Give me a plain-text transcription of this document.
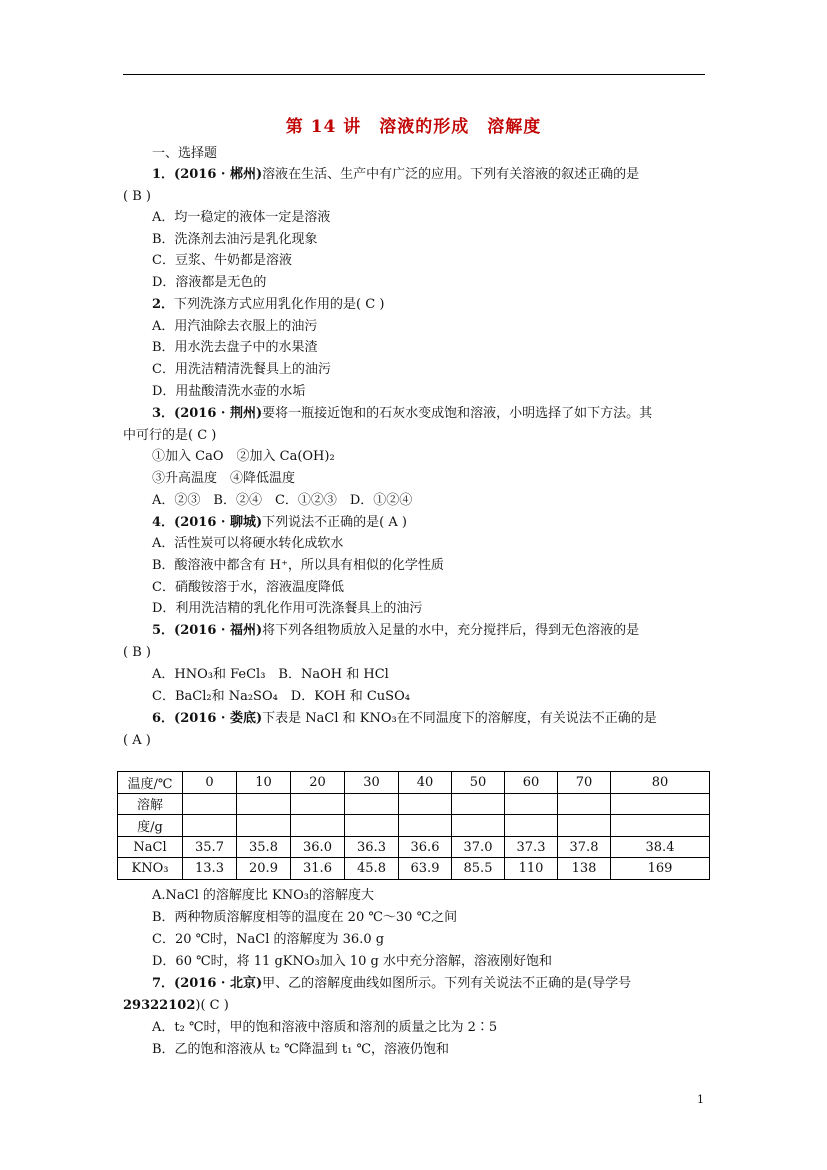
第 14 讲　溶液的形成　溶解度
一、选择题
1．(2016 · 郴州)溶液在生活、生产中有广泛的应用。下列有关溶液的叙述正确的是
( B )
A．均一稳定的液体一定是溶液
B．洗涤剂去油污是乳化现象
C．豆浆、牛奶都是溶液
D．溶液都是无色的
2．下列洗涤方式应用乳化作用的是( C )
A．用汽油除去衣服上的油污
B．用水洗去盘子中的水果渣
C．用洗洁精清洗餐具上的油污
D．用盐酸清洗水壶的水垢
3．(2016 · 荆州)要将一瓶接近饱和的石灰水变成饱和溶液，小明选择了如下方法。其
中可行的是( C )
①加入 CaO　②加入 Ca(OH)₂
③升高温度　④降低温度
A．②③　B．②④　C．①②③　D．①②④
4．(2016 · 聊城)下列说法不正确的是( A )
A．活性炭可以将硬水转化成软水
B．酸溶液中都含有 H⁺，所以具有相似的化学性质
C．硝酸铵溶于水，溶液温度降低
D．利用洗洁精的乳化作用可洗涤餐具上的油污
5．(2016 · 福州)将下列各组物质放入足量的水中，充分搅拌后，得到无色溶液的是
( B )
A．HNO₃和 FeCl₃　B．NaOH 和 HCl
C．BaCl₂和 Na₂SO₄　D．KOH 和 CuSO₄
6．(2016 · 娄底)下表是 NaCl 和 KNO₃在不同温度下的溶解度，有关说法不正确的是
( A )
温度/℃	0	10	20	30	40	50	60	70	80
溶解									
度/g									
NaCl	35.7	35.8	36.0	36.3	36.6	37.0	37.3	37.8	38.4
KNO₃	13.3	20.9	31.6	45.8	63.9	85.5	110	138	169
A.NaCl 的溶解度比 KNO₃的溶解度大
B．两种物质溶解度相等的温度在 20 ℃～30 ℃之间
C．20 ℃时，NaCl 的溶解度为 36.0 g
D．60 ℃时，将 11 gKNO₃加入 10 g 水中充分溶解，溶液刚好饱和
7．(2016 · 北京)甲、乙的溶解度曲线如图所示。下列有关说法不正确的是(导学号
29322102)( C )
A．t₂ ℃时，甲的饱和溶液中溶质和溶剂的质量之比为 2∶5
B．乙的饱和溶液从 t₂ ℃降温到 t₁ ℃，溶液仍饱和
1
